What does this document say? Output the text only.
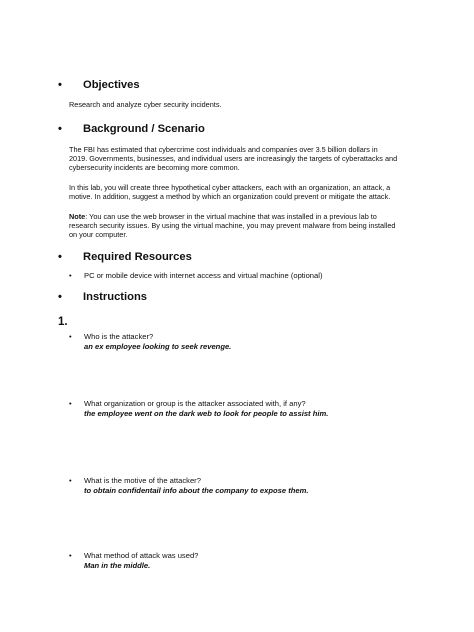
• Objectives
Research and analyze cyber security incidents.
• Background / Scenario
The FBI has estimated that cybercrime cost individuals and companies over 3.5 billion dollars in
2019. Governments, businesses, and individual users are increasingly the targets of cyberattacks and
cybersecurity incidents are becoming more common.
In this lab, you will create three hypothetical cyber attackers, each with an organization, an attack, a
motive. In addition, suggest a method by which an organization could prevent or mitigate the attack.
Note: You can use the web browser in the virtual machine that was installed in a previous lab to
research security issues. By using the virtual machine, you may prevent malware from being installed
on your computer.
• Required Resources
• PC or mobile device with internet access and virtual machine (optional)
• Instructions
1.
• Who is the attacker?
an ex employee looking to seek revenge.
• What organization or group is the attacker associated with, if any?
the employee went on the dark web to look for people to assist him.
• What is the motive of the attacker?
to obtain confidentail info about the company to expose them.
• What method of attack was used?
Man in the middle.
